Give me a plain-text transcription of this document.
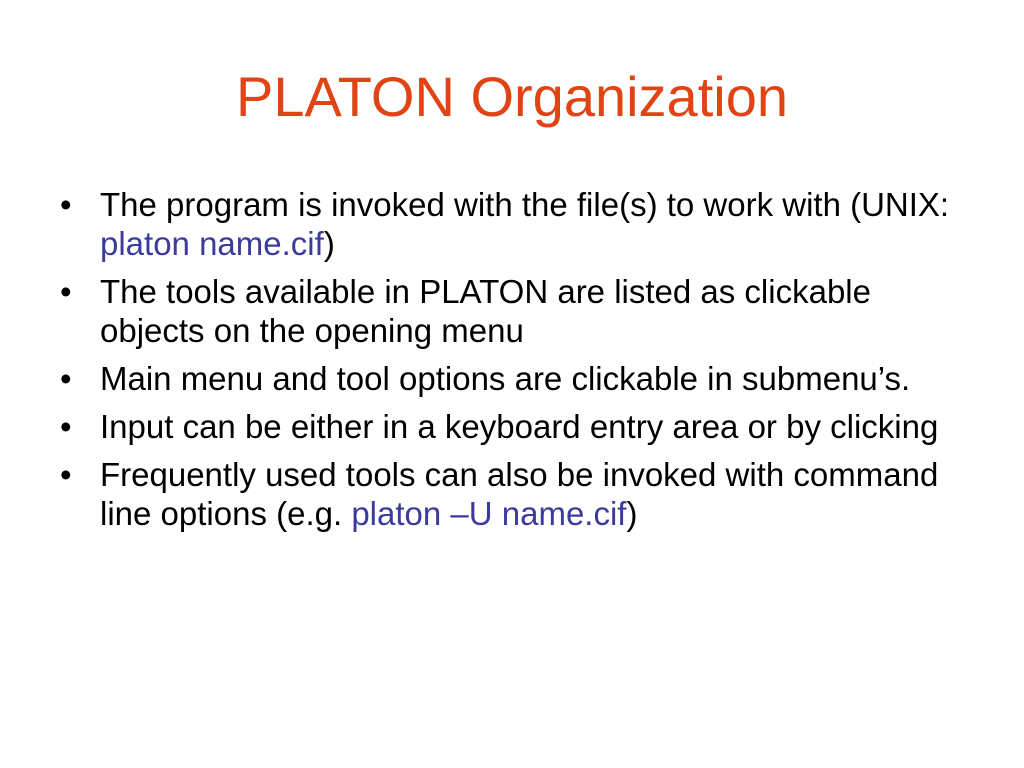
PLATON Organization
• The program is invoked with the file(s) to work with (UNIX: platon name.cif)
• The tools available in PLATON are listed as clickable objects on the opening menu
• Main menu and tool options are clickable in submenu’s.
• Input can be either in a keyboard entry area or by clicking
• Frequently used tools can also be invoked with command line options (e.g. platon –U name.cif)
